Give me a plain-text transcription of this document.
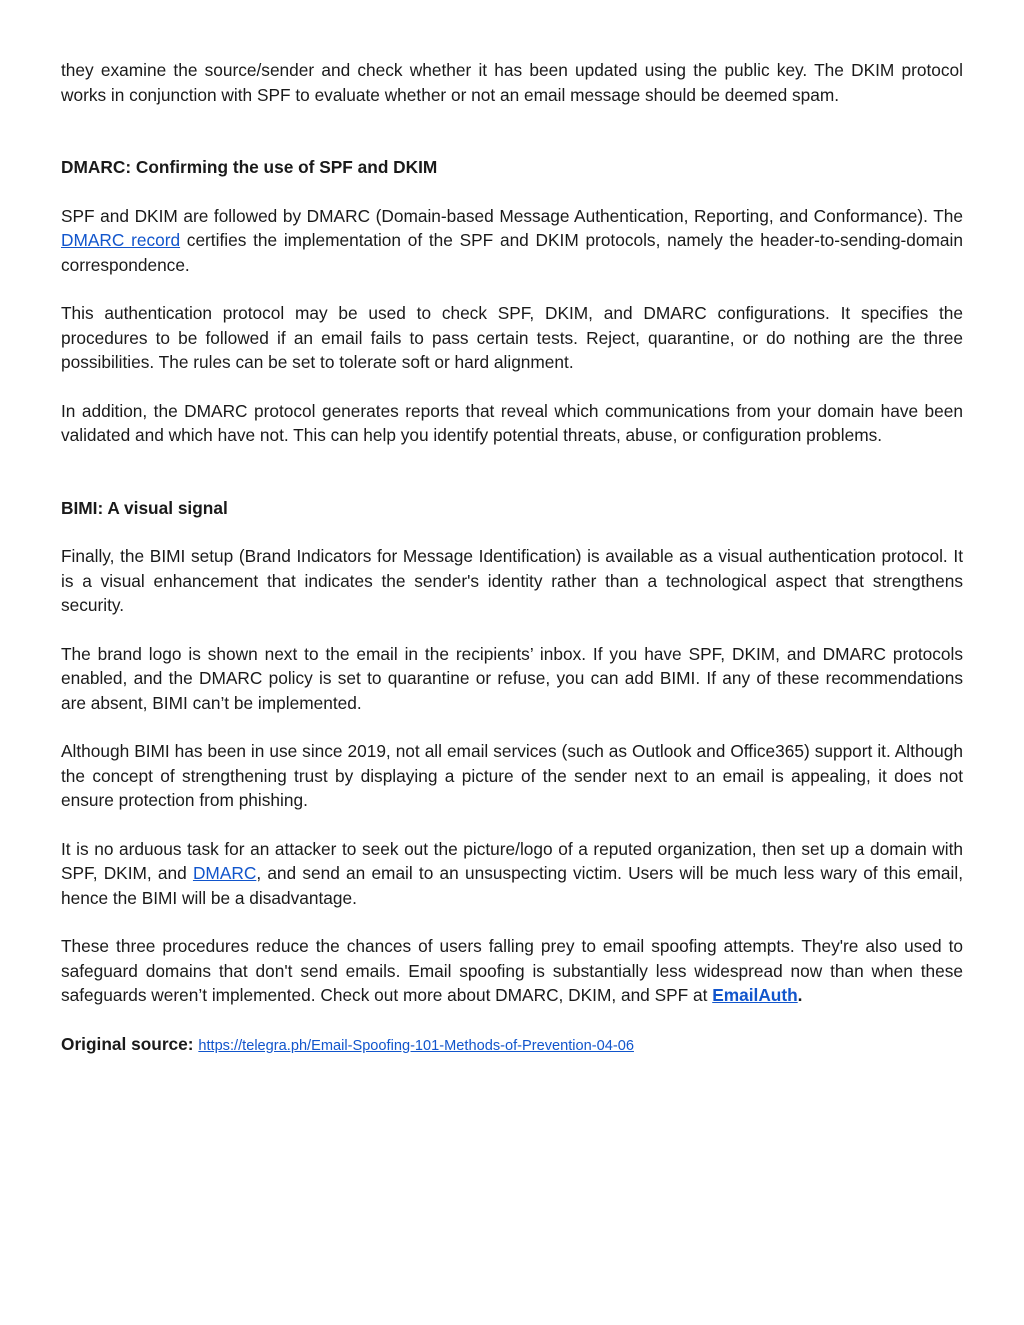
they examine the source/sender and check whether it has been updated using the public key. The DKIM protocol works in conjunction with SPF to evaluate whether or not an email message should be deemed spam.

DMARC: Confirming the use of SPF and DKIM

SPF and DKIM are followed by DMARC (Domain-based Message Authentication, Reporting, and Conformance). The DMARC record certifies the implementation of the SPF and DKIM protocols, namely the header-to-sending-domain correspondence.

This authentication protocol may be used to check SPF, DKIM, and DMARC configurations. It specifies the procedures to be followed if an email fails to pass certain tests. Reject, quarantine, or do nothing are the three possibilities. The rules can be set to tolerate soft or hard alignment.

In addition, the DMARC protocol generates reports that reveal which communications from your domain have been validated and which have not. This can help you identify potential threats, abuse, or configuration problems.

BIMI: A visual signal

Finally, the BIMI setup (Brand Indicators for Message Identification) is available as a visual authentication protocol. It is a visual enhancement that indicates the sender's identity rather than a technological aspect that strengthens security.

The brand logo is shown next to the email in the recipients’ inbox. If you have SPF, DKIM, and DMARC protocols enabled, and the DMARC policy is set to quarantine or refuse, you can add BIMI. If any of these recommendations are absent, BIMI can’t be implemented.

Although BIMI has been in use since 2019, not all email services (such as Outlook and Office365) support it. Although the concept of strengthening trust by displaying a picture of the sender next to an email is appealing, it does not ensure protection from phishing.

It is no arduous task for an attacker to seek out the picture/logo of a reputed organization, then set up a domain with SPF, DKIM, and DMARC, and send an email to an unsuspecting victim. Users will be much less wary of this email, hence the BIMI will be a disadvantage.

These three procedures reduce the chances of users falling prey to email spoofing attempts. They're also used to safeguard domains that don't send emails. Email spoofing is substantially less widespread now than when these safeguards weren’t implemented. Check out more about DMARC, DKIM, and SPF at EmailAuth.

Original source: https://telegra.ph/Email-Spoofing-101-Methods-of-Prevention-04-06
